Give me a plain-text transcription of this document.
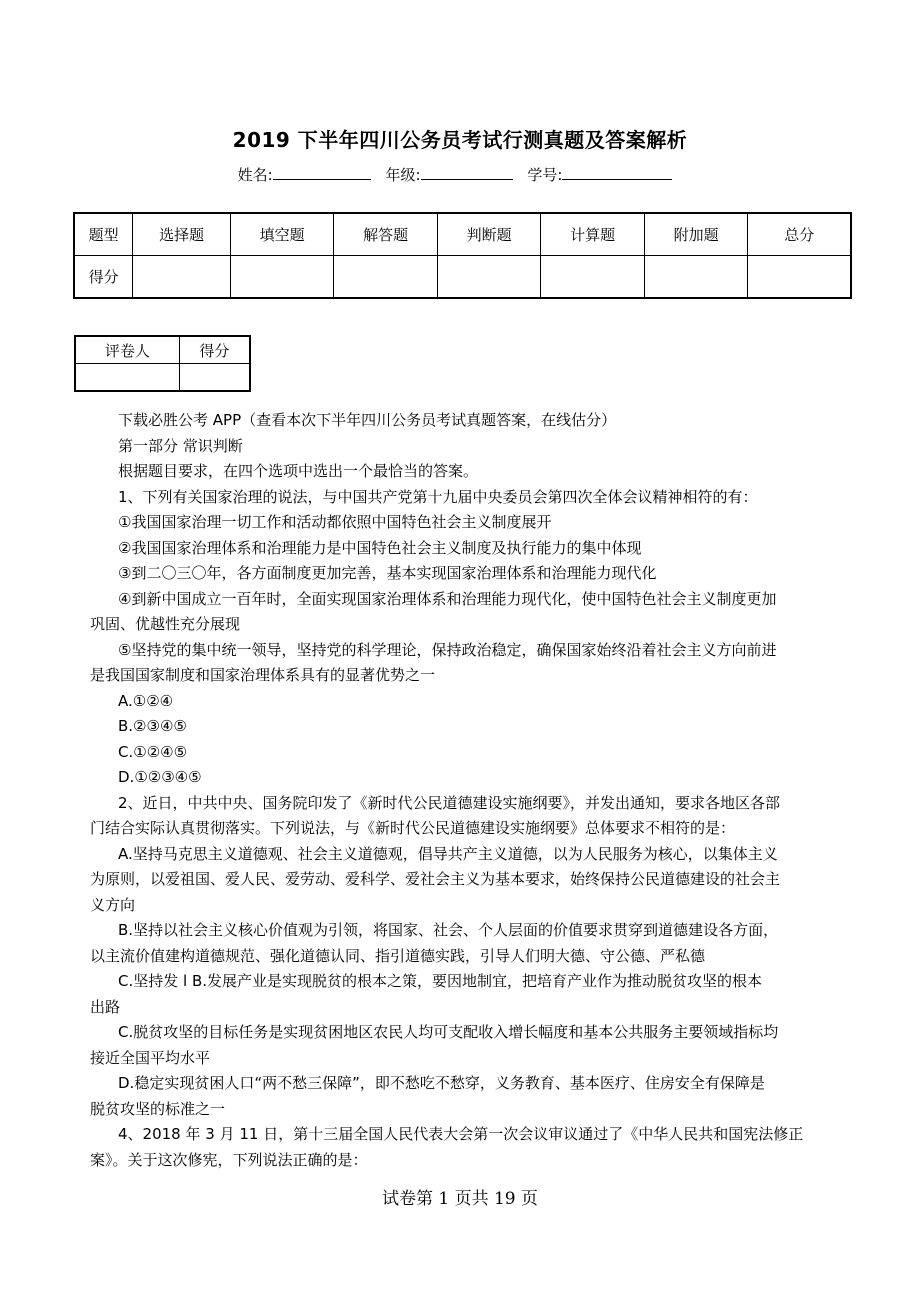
2019 下半年四川公务员考试行测真题及答案解析
姓名:	年级:	学号:
题型	选择题	填空题	解答题	判断题	计算题	附加题	总分
得分							
评卷人	得分

下载必胜公考 APP（查看本次下半年四川公务员考试真题答案，在线估分）
第一部分 常识判断
根据题目要求，在四个选项中选出一个最恰当的答案。
1、下列有关国家治理的说法，与中国共产党第十九届中央委员会第四次全体会议精神相符的有：
①我国国家治理一切工作和活动都依照中国特色社会主义制度展开
②我国国家治理体系和治理能力是中国特色社会主义制度及执行能力的集中体现
③到二〇三〇年，各方面制度更加完善，基本实现国家治理体系和治理能力现代化
④到新中国成立一百年时，全面实现国家治理体系和治理能力现代化，使中国特色社会主义制度更加
巩固、优越性充分展现
⑤坚持党的集中统一领导，坚持党的科学理论，保持政治稳定，确保国家始终沿着社会主义方向前进
是我国国家制度和国家治理体系具有的显著优势之一
A.①②④
B.②③④⑤
C.①②④⑤
D.①②③④⑤
2、近日，中共中央、国务院印发了《新时代公民道德建设实施纲要》，并发出通知，要求各地区各部
门结合实际认真贯彻落实。下列说法，与《新时代公民道德建设实施纲要》总体要求不相符的是：
A.坚持马克思主义道德观、社会主义道德观，倡导共产主义道德，以为人民服务为核心，以集体主义
为原则，以爱祖国、爱人民、爱劳动、爱科学、爱社会主义为基本要求，始终保持公民道德建设的社会主
义方向
B.坚持以社会主义核心价值观为引领，将国家、社会、个人层面的价值要求贯穿到道德建设各方面，
以主流价值建构道德规范、强化道德认同、指引道德实践，引导人们明大德、守公德、严私德
C.坚持发 l B.发展产业是实现脱贫的根本之策，要因地制宜，把培育产业作为推动脱贫攻坚的根本
出路
C.脱贫攻坚的目标任务是实现贫困地区农民人均可支配收入增长幅度和基本公共服务主要领域指标均
接近全国平均水平
D.稳定实现贫困人口“两不愁三保障”，即不愁吃不愁穿，义务教育、基本医疗、住房安全有保障是
脱贫攻坚的标准之一
4、2018 年 3 月 11 日，第十三届全国人民代表大会第一次会议审议通过了《中华人民共和国宪法修正
案》。关于这次修宪，下列说法正确的是：
试卷第 1 页共 19 页
